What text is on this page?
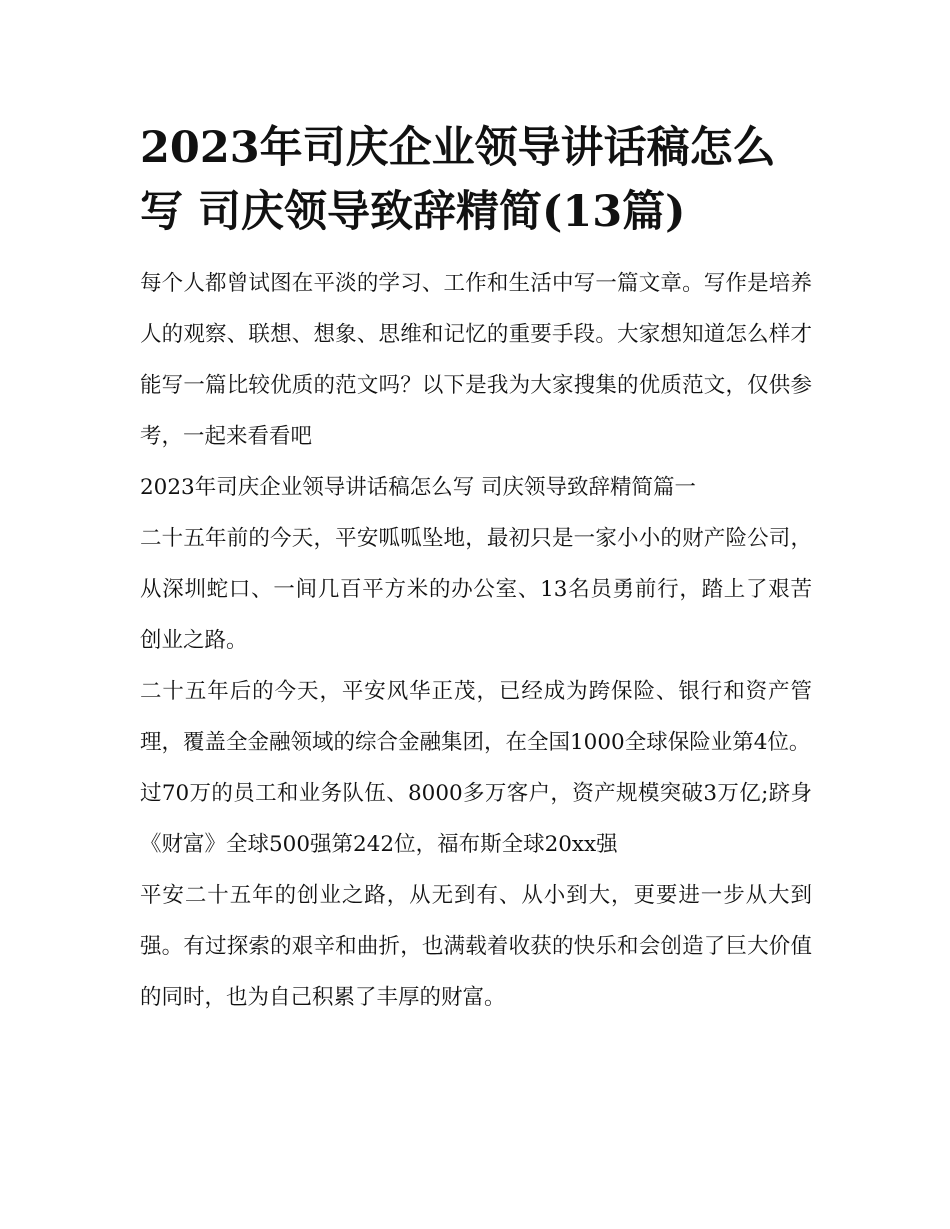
2023年司庆企业领导讲话稿怎么写 司庆领导致辞精简(13篇)

每个人都曾试图在平淡的学习、工作和生活中写一篇文章。写作是培养人的观察、联想、想象、思维和记忆的重要手段。大家想知道怎么样才能写一篇比较优质的范文吗？以下是我为大家搜集的优质范文，仅供参考，一起来看看吧

2023年司庆企业领导讲话稿怎么写 司庆领导致辞精简篇一

二十五年前的今天，平安呱呱坠地，最初只是一家小小的财产险公司，从深圳蛇口、一间几百平方米的办公室、13名员勇前行，踏上了艰苦创业之路。

二十五年后的今天，平安风华正茂，已经成为跨保险、银行和资产管理，覆盖全金融领域的综合金融集团，在全国1000全球保险业第4位。

过70万的员工和业务队伍、8000多万客户，资产规模突破3万亿;跻身《财富》全球500强第242位，福布斯全球20xx强

平安二十五年的创业之路，从无到有、从小到大，更要进一步从大到强。有过探索的艰辛和曲折，也满载着收获的快乐和会创造了巨大价值的同时，也为自己积累了丰厚的财富。
